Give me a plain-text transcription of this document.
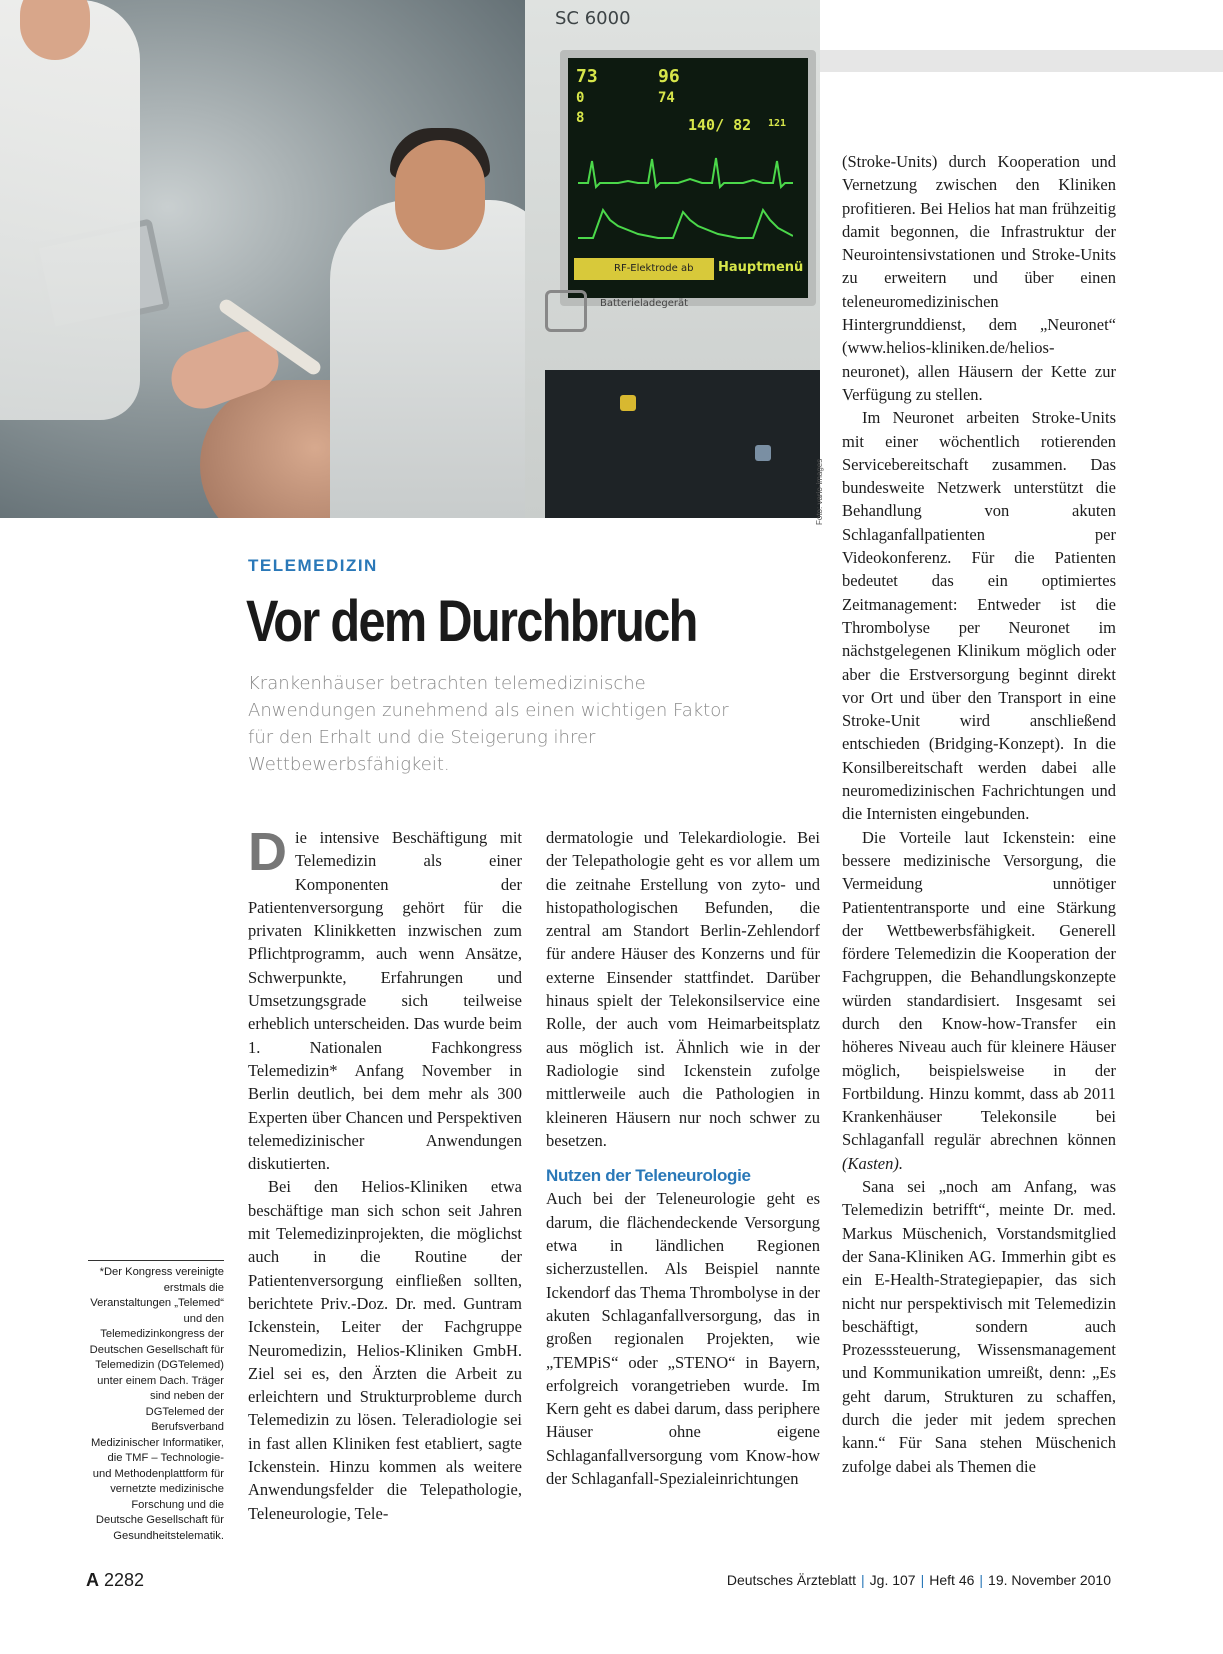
SC 6000
73	96
0	74
8	140/ 82 121
RF-Elektrode ab	Hauptmenü
Batterieladegerät
Foto: vario-images
TELEMEDIZIN
Vor dem Durchbruch

Krankenhäuser betrachten telemedizinische Anwendungen zunehmend als einen wichtigen Faktor für den Erhalt und die Steigerung ihrer Wettbewerbsfähigkeit.

Die intensive Beschäftigung mit Telemedizin als einer Komponenten der Patientenversorgung gehört für die privaten Klinikketten inzwischen zum Pflichtprogramm, auch wenn Ansätze, Schwerpunkte, Erfahrungen und Umsetzungsgrade sich teilweise erheblich unterscheiden. Das wurde beim 1. Nationalen Fachkongress Telemedizin* Anfang November in Berlin deutlich, bei dem mehr als 300 Experten über Chancen und Perspektiven telemedizinischer Anwendungen diskutierten.

Bei den Helios-Kliniken etwa beschäftige man sich schon seit Jahren mit Telemedizinprojekten, die möglichst auch in die Routine der Patientenversorgung einfließen sollten, berichtete Priv.-Doz. Dr. med. Guntram Ickenstein, Leiter der Fachgruppe Neuromedizin, Helios-Kliniken GmbH. Ziel sei es, den Ärzten die Arbeit zu erleichtern und Strukturprobleme durch Telemedizin zu lösen. Teleradiologie sei in fast allen Kliniken fest etabliert, sagte Ickenstein. Hinzu kommen als weitere Anwendungsfelder die Telepathologie, Teleneurologie, Tele-

dermatologie und Telekardiologie. Bei der Telepathologie geht es vor allem um die zeitnahe Erstellung von zyto- und histopathologischen Befunden, die zentral am Standort Berlin-Zehlendorf für andere Häuser des Konzerns und für externe Einsender stattfindet. Darüber hinaus spielt der Telekonsilservice eine Rolle, der auch vom Heimarbeitsplatz aus möglich ist. Ähnlich wie in der Radiologie sind Ickenstein zufolge mittlerweile auch die Pathologien in kleineren Häusern nur noch schwer zu besetzen.

Nutzen der Teleneurologie

Auch bei der Teleneurologie geht es darum, die flächendeckende Versorgung etwa in ländlichen Regionen sicherzustellen. Als Beispiel nannte Ickendorf das Thema Thrombolyse in der akuten Schlaganfallversorgung, das in großen regionalen Projekten, wie „TEMPiS“ oder „STENO“ in Bayern, erfolgreich vorangetrieben wurde. Im Kern geht es dabei darum, dass periphere Häuser ohne eigene Schlaganfallversorgung vom Know-how der Schlaganfall-Spezialeinrichtungen

(Stroke-Units) durch Kooperation und Vernetzung zwischen den Kliniken profitieren. Bei Helios hat man frühzeitig damit begonnen, die Infrastruktur der Neurointensivstationen und Stroke-Units zu erweitern und über einen teleneuromedizinischen Hintergrunddienst, dem „Neuronet“ (www.helios-kliniken.de/helios-neuronet), allen Häusern der Kette zur Verfügung zu stellen.

Im Neuronet arbeiten Stroke-Units mit einer wöchentlich rotierenden Servicebereitschaft zusammen. Das bundesweite Netzwerk unterstützt die Behandlung von akuten Schlaganfallpatienten per Videokonferenz. Für die Patienten bedeutet das ein optimiertes Zeitmanagement: Entweder ist die Thrombolyse per Neuronet im nächstgelegenen Klinikum möglich oder aber die Erstversorgung beginnt direkt vor Ort und über den Transport in eine Stroke-Unit wird anschließend entschieden (Bridging-Konzept). In die Konsilbereitschaft werden dabei alle neuromedizinischen Fachrichtungen und die Internisten eingebunden.

Die Vorteile laut Ickenstein: eine bessere medizinische Versorgung, die Vermeidung unnötiger Patiententransporte und eine Stärkung der Wettbewerbsfähigkeit. Generell fördere Telemedizin die Kooperation der Fachgruppen, die Behandlungskonzepte würden standardisiert. Insgesamt sei durch den Know-how-Transfer ein höheres Niveau auch für kleinere Häuser möglich, beispielsweise in der Fortbildung. Hinzu kommt, dass ab 2011 Krankenhäuser Telekonsile bei Schlaganfall regulär abrechnen können (Kasten).

Sana sei „noch am Anfang, was Telemedizin betrifft“, meinte Dr. med. Markus Müschenich, Vorstandsmitglied der Sana-Kliniken AG. Immerhin gibt es ein E-Health-Strategiepapier, das sich nicht nur perspektivisch mit Telemedizin beschäftigt, sondern auch Prozesssteuerung, Wissensmanagement und Kommunikation umreißt, denn: „Es geht darum, Strukturen zu schaffen, durch die jeder mit jedem sprechen kann.“ Für Sana stehen Müschenich zufolge dabei als Themen die

*Der Kongress vereinigte erstmals die Veranstaltungen „Telemed“ und den Telemedizinkongress der Deutschen Gesellschaft für Telemedizin (DGTelemed) unter einem Dach. Träger sind neben der DGTelemed der Berufsverband Medizinischer Informatiker, die TMF – Technologie- und Methodenplattform für vernetzte medizinische Forschung und die Deutsche Gesellschaft für Gesundheitstelematik.
A 2282	Deutsches Ärzteblatt | Jg. 107 | Heft 46 | 19. November 2010
